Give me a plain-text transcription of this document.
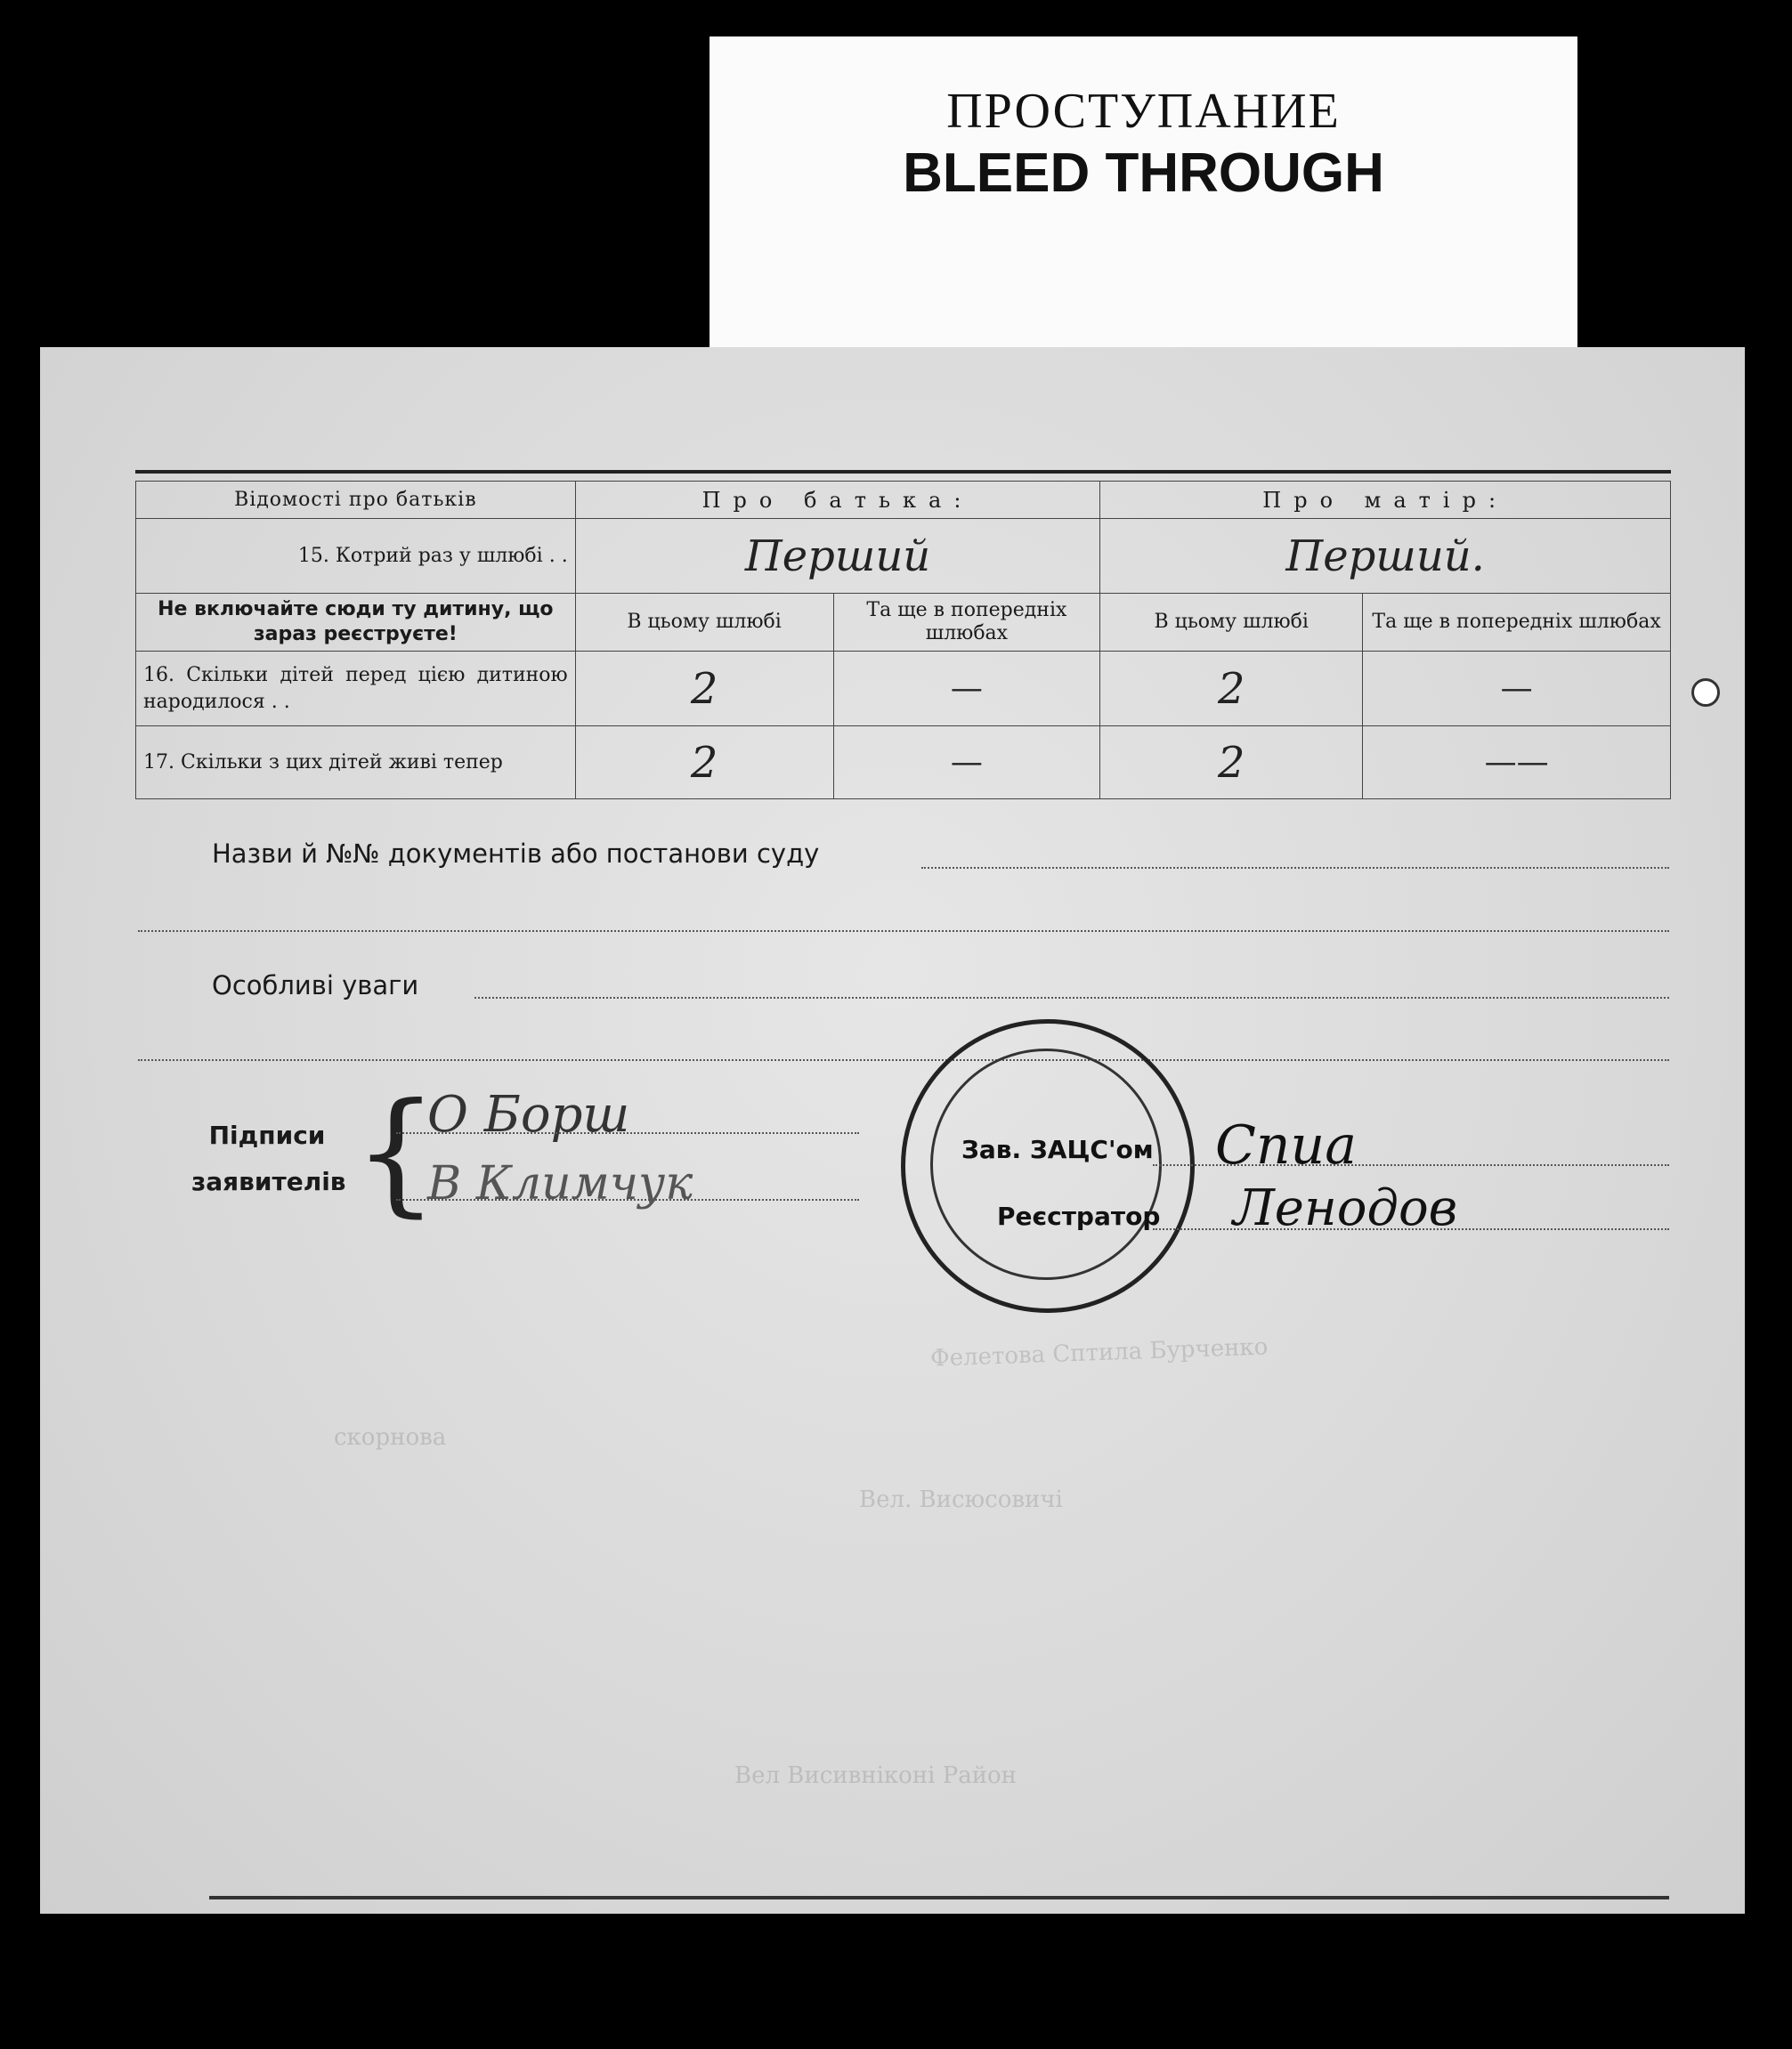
ПРОСТУПАНИЕ
BLEED THROUGH
Відомості про батьків	Про батька:		Про матір:	
15. Котрий раз у шлюбі . .	Перший		Перший.	
Не включайте сюди ту дитину, що зараз реєструєте!	В цьому шлюбі	Та ще в попередніх шлюбах	В цьому шлюбі	Та ще в попередніх шлюбах
16. Скільки дітей перед цією дитиною народилося . .	2	—	2	—
17. Скільки з цих дітей живі тепер	2	—	2	——
Назви й №№ документів або постанови суду
Особливі уваги
Підписи заявителів {
О Борш
В Климчук
Зав. ЗАЦС'ом Спиа
Реєстратор Ленодов
Фелетова Сптила Бурченко
скорнова
Вел. Висюсовичі
Вел Висивніконі Район
